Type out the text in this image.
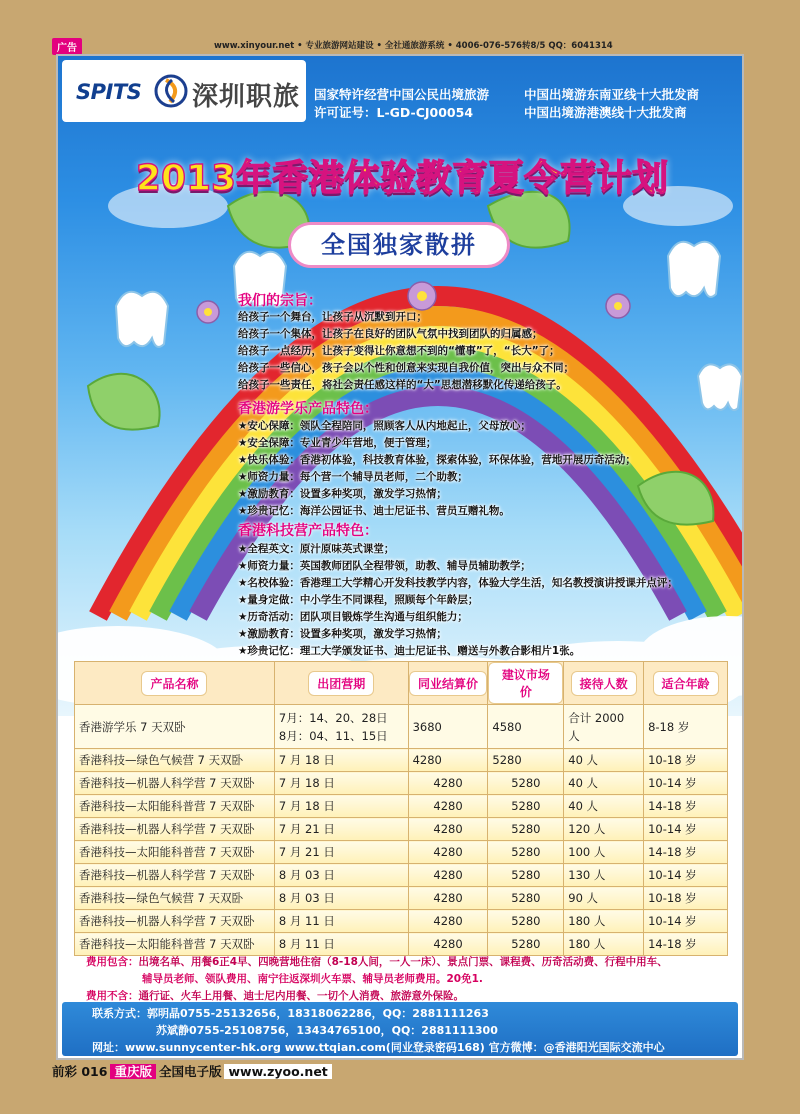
广告	www.xinyour.net • 专业旅游网站建设 • 全社通旅游系统 • 4006-076-576转8/5 QQ：6041314
SPITS 深圳职旅 国家特许经营中国公民出境旅游
许可证号：L-GD-CJ00054
中国出境游东南亚线十大批发商
中国出境游港澳线十大批发商
2013年香港体验教育夏令营计划
全国独家散拼
我们的宗旨：
给孩子一个舞台，让孩子从沉默到开口；
给孩子一个集体，让孩子在良好的团队气氛中找到团队的归属感；
给孩子一点经历，让孩子变得让你意想不到的“懂事”了，“长大”了；
给孩子一些信心，孩子会以个性和创意来实现自我价值，突出与众不同；
给孩子一些责任，将社会责任感这样的“大”思想潜移默化传递给孩子。
香港游学乐产品特色：
★安心保障：领队全程陪同，照顾客人从内地起止，父母放心；
★安全保障：专业青少年营地，便于管理；
★快乐体验：香港初体验，科技教育体验，探索体验，环保体验，营地开展历奇活动；
★师资力量：每个营一个辅导员老师，二个助教；
★激励教育：设置多种奖项，激发学习热情；
★珍贵记忆：海洋公园证书、迪士尼证书、营员互赠礼物。
香港科技营产品特色：
★全程英文：原汁原味英式课堂；
★师资力量：英国教师团队全程带领，助教、辅导员辅助教学；
★名校体验：香港理工大学精心开发科技教学内容，体验大学生活，知名教授演讲授课并点评；
★量身定做：中小学生不同课程，照顾每个年龄层；
★历奇活动：团队项目锻炼学生沟通与组织能力；
★激励教育：设置多种奖项，激发学习热情；
★珍贵记忆：理工大学颁发证书、迪士尼证书、赠送与外教合影相片1张。
产品名称	出团营期	同业结算价	建议市场价	接待人数	适合年龄
香港游学乐 7 天双卧	7月：14、20、28日
8月：04、11、15日	3680	4580	合计 2000 人	8-18 岁
香港科技—绿色气候营 7 天双卧	7 月 18 日	4280	5280	40 人	10-18 岁
香港科技—机器人科学营 7 天双卧	7 月 18 日	4280	5280	40 人	10-14 岁
香港科技—太阳能科普营 7 天双卧	7 月 18 日	4280	5280	40 人	14-18 岁
香港科技—机器人科学营 7 天双卧	7 月 21 日	4280	5280	120 人	10-14 岁
香港科技—太阳能科普营 7 天双卧	7 月 21 日	4280	5280	100 人	14-18 岁
香港科技—机器人科学营 7 天双卧	8 月 03 日	4280	5280	130 人	10-14 岁
香港科技—绿色气候营 7 天双卧	8 月 03 日	4280	5280	90 人	10-18 岁
香港科技—机器人科学营 7 天双卧	8 月 11 日	4280	5280	180 人	10-14 岁
香港科技—太阳能科普营 7 天双卧	8 月 11 日	4280	5280	180 人	14-18 岁
费用包含：出境名单、用餐6正4早、四晚营地住宿（8-18人间，一人一床）、景点门票、课程费、历奇活动费、行程中用车、
辅导员老师、领队费用、南宁往返深圳火车票、辅导员老师费用。20免1.
费用不含：通行证、火车上用餐、迪士尼内用餐、一切个人消费、旅游意外保险。
联系方式：郭明晶0755-25132656，18318062286，QQ：2881111263
苏斌静0755-25108756，13434765100，QQ：2881111300
网址：www.sunnycenter-hk.org www.ttqian.com(同业登录密码168) 官方微博：@香港阳光国际交流中心
前彩 016 重庆版 全国电子版 www.zyoo.net
